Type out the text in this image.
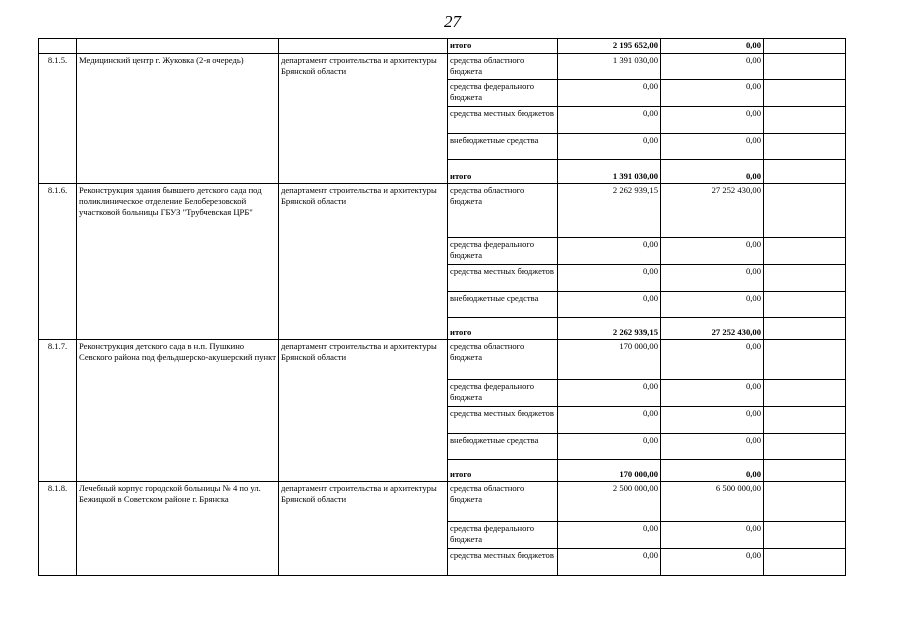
27
			итого	2 195 652,00	0,00	
8.1.5.	Медицинский центр г. Жуковка (2-я очередь)	департамент строительства и архитектуры Брянской области	средства областного бюджета	1 391 030,00	0,00	
			средства федерального бюджета	0,00	0,00	
			средства местных бюджетов	0,00	0,00	
			внебюджетные средства	0,00	0,00	
			итого	1 391 030,00	0,00	
8.1.6.	Реконструкция здания бывшего детского сада под поликлиническое отделение Белоберезовской участковой больницы ГБУЗ "Трубчевская ЦРБ"	департамент строительства и архитектуры Брянской области	средства областного бюджета	2 262 939,15	27 252 430,00	
			средства федерального бюджета	0,00	0,00	
			средства местных бюджетов	0,00	0,00	
			внебюджетные средства	0,00	0,00	
			итого	2 262 939,15	27 252 430,00	
8.1.7.	Реконструкция детского сада в н.п. Пушкино Севского района под фельдшерско-акушерский пункт	департамент строительства и архитектуры Брянской области	средства областного бюджета	170 000,00	0,00	
			средства федерального бюджета	0,00	0,00	
			средства местных бюджетов	0,00	0,00	
			внебюджетные средства	0,00	0,00	
			итого	170 000,00	0,00	
8.1.8.	Лечебный корпус городской больницы № 4 по ул. Бежицкой в Советском районе г. Брянска	департамент строительства и архитектуры Брянской области	средства областного бюджета	2 500 000,00	6 500 000,00	
			средства федерального бюджета	0,00	0,00	
			средства местных бюджетов	0,00	0,00	
